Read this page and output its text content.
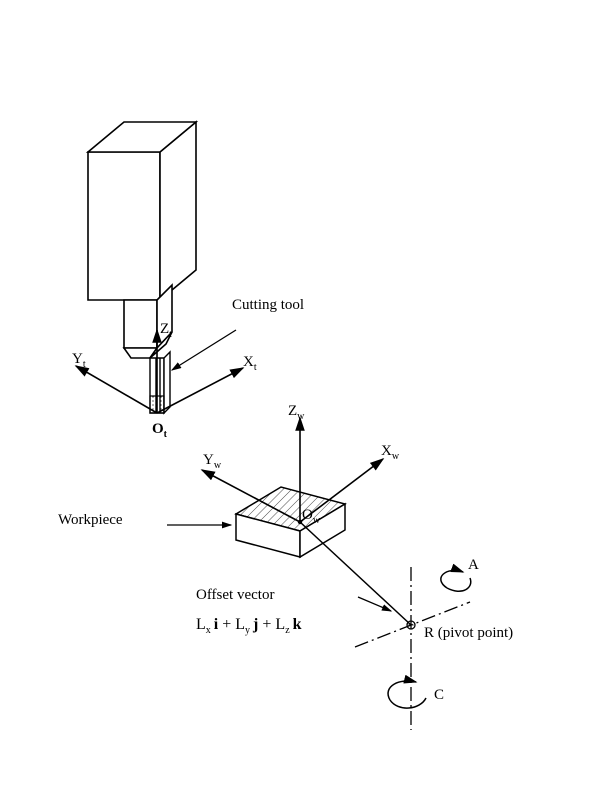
Cutting tool
$Z_t$
$X_t$
$Y_t$
$O_t$
$Z_w$
$X_w$
$Y_w$
$O_w$
Workpiece
Offset vector
$L_x$ $i + L_y$ $j + L_z$ k	R (pivot point)
A
C
